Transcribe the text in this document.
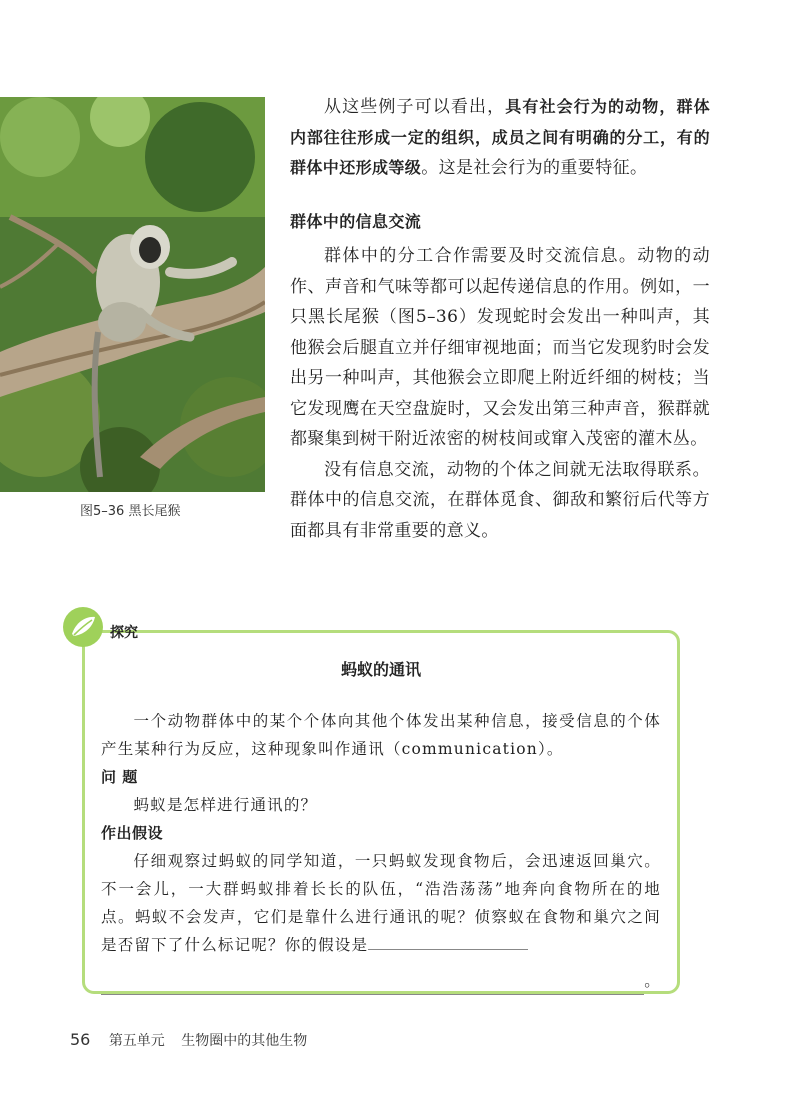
图5–36 黑长尾猴

从这些例子可以看出，具有社会行为的动物，群体内部往往形成一定的组织，成员之间有明确的分工，有的群体中还形成等级。这是社会行为的重要特征。

群体中的信息交流

群体中的分工合作需要及时交流信息。动物的动作、声音和气味等都可以起传递信息的作用。例如，一只黑长尾猴（图5–36）发现蛇时会发出一种叫声，其他猴会后腿直立并仔细审视地面；而当它发现豹时会发出另一种叫声，其他猴会立即爬上附近纤细的树枝；当它发现鹰在天空盘旋时，又会发出第三种声音，猴群就都聚集到树干附近浓密的树枝间或窜入茂密的灌木丛。

没有信息交流，动物的个体之间就无法取得联系。群体中的信息交流，在群体觅食、御敌和繁衍后代等方面都具有非常重要的意义。

蚂蚁的通讯

一个动物群体中的某个个体向其他个体发出某种信息，接受信息的个体产生某种行为反应，这种现象叫作通讯（communication）。

问 题

蚂蚁是怎样进行通讯的？

作出假设

仔细观察过蚂蚁的同学知道，一只蚂蚁发现食物后，会迅速返回巢穴。不一会儿，一大群蚂蚁排着长长的队伍，“浩浩荡荡”地奔向食物所在的地点。蚂蚁不会发声，它们是靠什么进行通讯的呢？侦察蚁在食物和巢穴之间是否留下了什么标记呢？你的假设是

。
探究
56 第五单元 生物圈中的其他生物
